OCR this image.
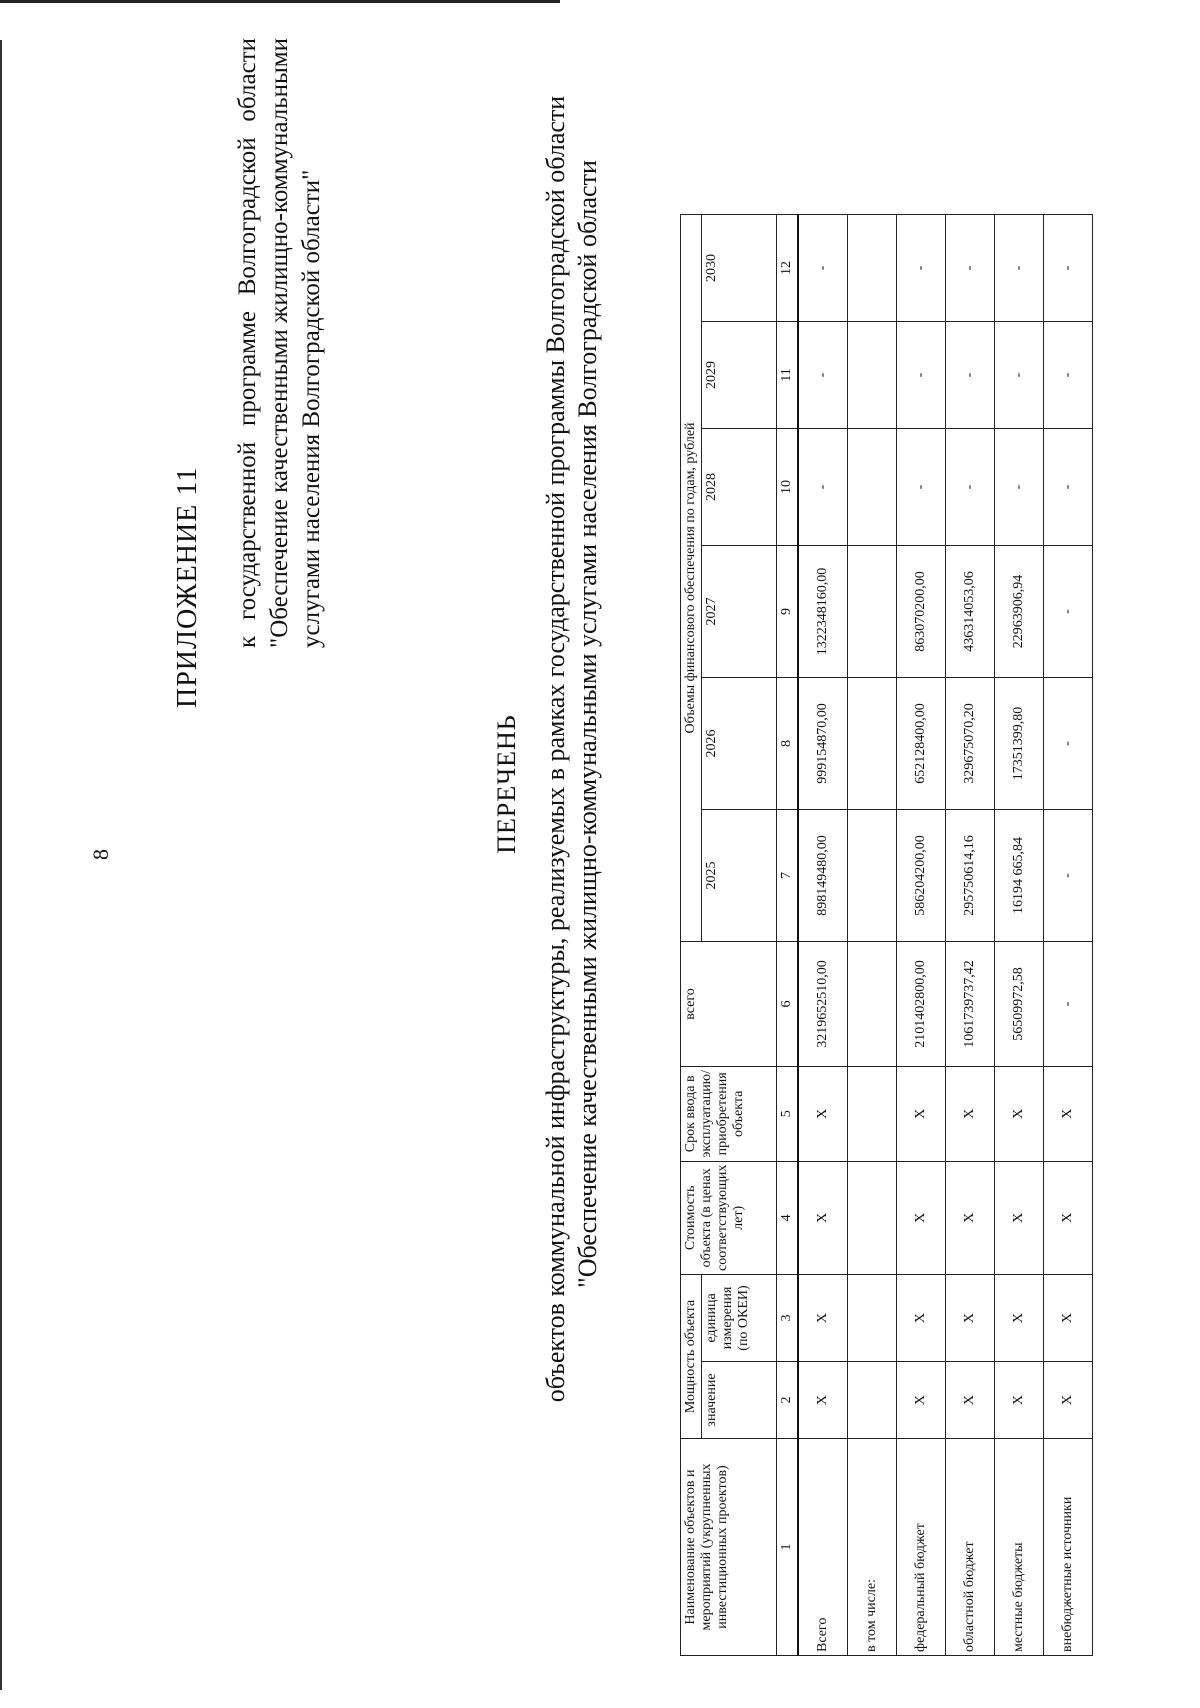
8
ПРИЛОЖЕНИЕ 11 к государственной программе Волгоградской области "Обеспечение качественными жилищно-коммунальными услугами населения Волгоградской области"
ПЕРЕЧЕНЬ объектов коммунальной инфраструктуры, реализуемых в рамках государственной программы Волгоградской области "Обеспечение качественными жилищно-коммунальными услугами населения Волгоградской области
Наименование объектов и мероприятий (укрупненных инвестиционных проектов)	Мощность объекта		Стоимость объекта (в ценах соответствующих лет)	Срок ввода в эксплуатацию/приобретения объекта	всего	Объемы финансового обеспечения по годам, рублей					
	значение	единица измерения (по ОКЕИ)				2025	2026	2027	2028	2029	2030
1	2	3	4	5	6	7	8	9	10	11	12
Всего	X	X	X	X	3219652510,00	898149480,00	999154870,00	1322348160,00	-	-	-
в том числе:											
федеральный бюджет	X	X	X	X	2101402800,00	586204200,00	652128400,00	863070200,00	-	-	-
областной бюджет	X	X	X	X	1061739737,42	295750614,16	329675070,20	436314053,06	-	-	-
местные бюджеты	X	X	X	X	56509972,58	16194 665,84	17351399,80	22963906,94	-	-	-
внебюджетные источники	X	X	X	X	-	-	-	-	-	-	-
